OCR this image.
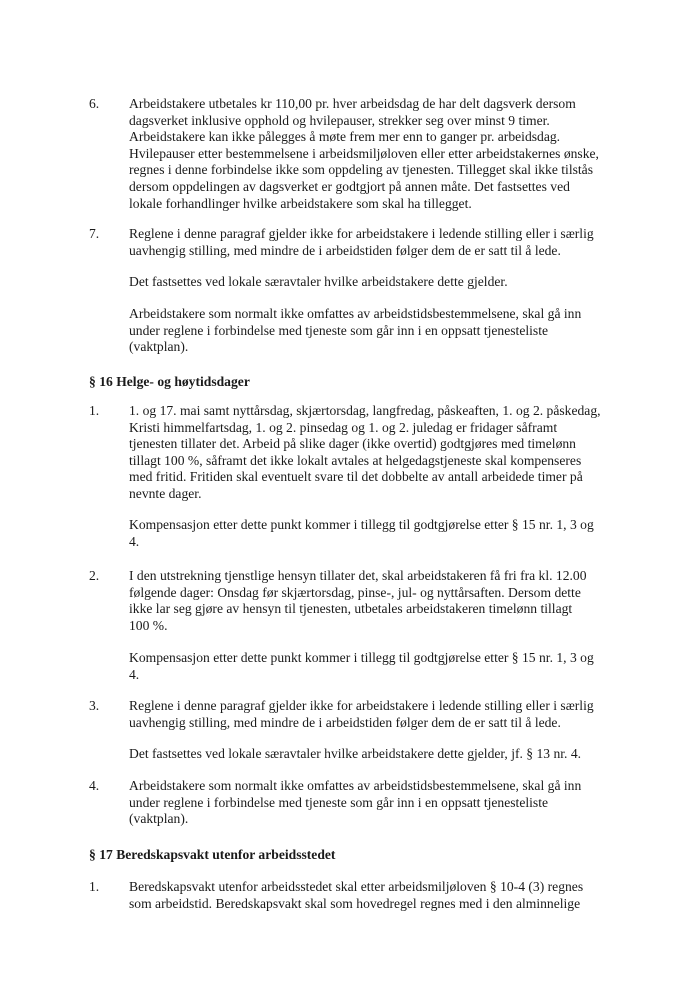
6.	Arbeidstakere utbetales kr 110,00 pr. hver arbeidsdag de har delt dagsverk dersom
dagsverket inklusive opphold og hvilepauser, strekker seg over minst 9 timer.
Arbeidstakere kan ikke pålegges å møte frem mer enn to ganger pr. arbeidsdag.
Hvilepauser etter bestemmelsene i arbeidsmiljøloven eller etter arbeidstakernes ønske,
regnes i denne forbindelse ikke som oppdeling av tjenesten. Tillegget skal ikke tilstås
dersom oppdelingen av dagsverket er godtgjort på annen måte. Det fastsettes ved
lokale forhandlinger hvilke arbeidstakere som skal ha tillegget.
7.	Reglene i denne paragraf gjelder ikke for arbeidstakere i ledende stilling eller i særlig
uavhengig stilling, med mindre de i arbeidstiden følger dem de er satt til å lede.
Det fastsettes ved lokale særavtaler hvilke arbeidstakere dette gjelder.
Arbeidstakere som normalt ikke omfattes av arbeidstidsbestemmelsene, skal gå inn
under reglene i forbindelse med tjeneste som går inn i en oppsatt tjenesteliste
(vaktplan).
§ 16 Helge- og høytidsdager
1.	1. og 17. mai samt nyttårsdag, skjærtorsdag, langfredag, påskeaften, 1. og 2. påskedag,
Kristi himmelfartsdag, 1. og 2. pinsedag og 1. og 2. juledag er fridager såframt
tjenesten tillater det. Arbeid på slike dager (ikke overtid) godtgjøres med timelønn
tillagt 100 %, såframt det ikke lokalt avtales at helgedagstjeneste skal kompenseres
med fritid. Fritiden skal eventuelt svare til det dobbelte av antall arbeidede timer på
nevnte dager.
Kompensasjon etter dette punkt kommer i tillegg til godtgjørelse etter § 15 nr. 1, 3 og
4.
2.	I den utstrekning tjenstlige hensyn tillater det, skal arbeidstakeren få fri fra kl. 12.00
følgende dager: Onsdag før skjærtorsdag, pinse-, jul- og nyttårsaften. Dersom dette
ikke lar seg gjøre av hensyn til tjenesten, utbetales arbeidstakeren timelønn tillagt
100 %.
Kompensasjon etter dette punkt kommer i tillegg til godtgjørelse etter § 15 nr. 1, 3 og
4.
3.	Reglene i denne paragraf gjelder ikke for arbeidstakere i ledende stilling eller i særlig
uavhengig stilling, med mindre de i arbeidstiden følger dem de er satt til å lede.
Det fastsettes ved lokale særavtaler hvilke arbeidstakere dette gjelder, jf. § 13 nr. 4.
4.	Arbeidstakere som normalt ikke omfattes av arbeidstidsbestemmelsene, skal gå inn
under reglene i forbindelse med tjeneste som går inn i en oppsatt tjenesteliste
(vaktplan).
§ 17 Beredskapsvakt utenfor arbeidsstedet
1.	Beredskapsvakt utenfor arbeidsstedet skal etter arbeidsmiljøloven § 10-4 (3) regnes
som arbeidstid. Beredskapsvakt skal som hovedregel regnes med i den alminnelige
